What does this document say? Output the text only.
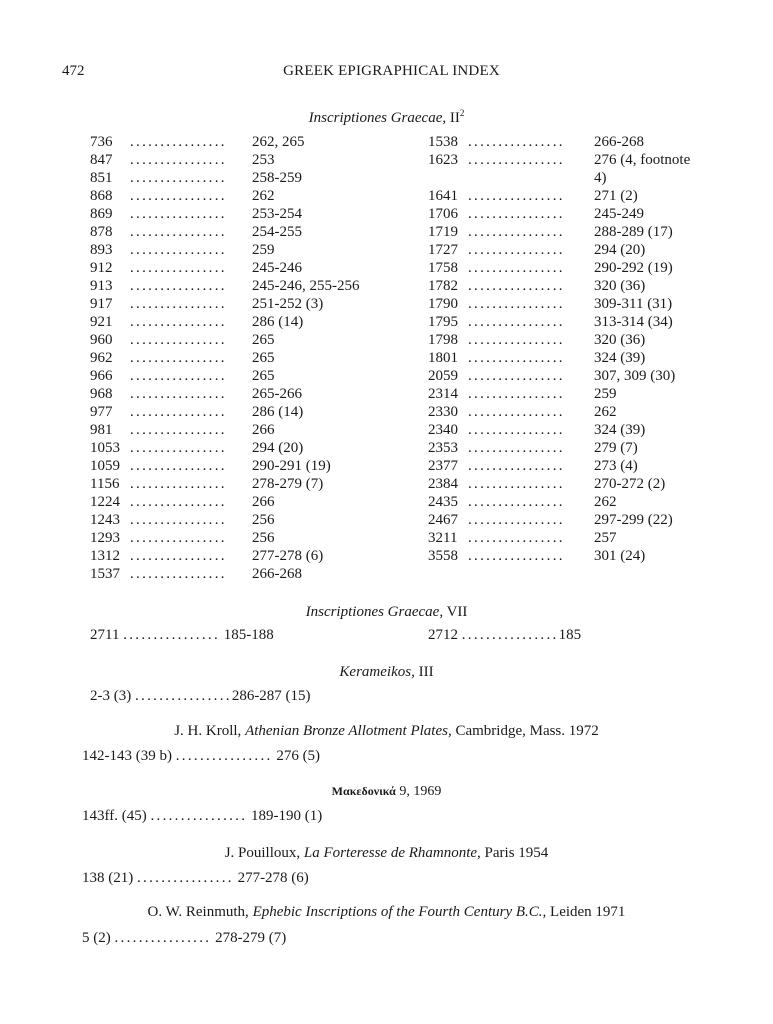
472	GREEK EPIGRAPHICAL INDEX
Inscriptiones Graecae, $II^2$
736 ................ 262, 265
847 ................ 253
851 ................ 258-259
868 ................ 262
869 ................ 253-254
878 ................ 254-255
893 ................ 259
912 ................ 245-246
913 ................ 245-246, 255-256
917 ................ 251-252 (3)
921 ................ 286 (14)
960 ................ 265
962 ................ 265
966 ................ 265
968 ................ 265-266
977 ................ 286 (14)
981 ................ 266
1053 ................ 294 (20)
1059 ................ 290-291 (19)
1156 ................ 278-279 (7)
1224 ................ 266
1243 ................ 256
1293 ................ 256
1312 ................ 277-278 (6)
1537 ................ 266-268
1538 ................ 266-268
1623 ................ 276 (4, footnote
4)
1641 ................ 271 (2)
1706 ................ 245-249
1719 ................ 288-289 (17)
1727 ................ 294 (20)
1758 ................ 290-292 (19)
1782 ................ 320 (36)
1790 ................ 309-311 (31)
1795 ................ 313-314 (34)
1798 ................ 320 (36)
1801 ................ 324 (39)
2059 ................ 307, 309 (30)
2314 ................ 259
2330 ................ 262
2340 ................ 324 (39)
2353 ................ 279 (7)
2377 ................ 273 (4)
2384 ................ 270-272 (2)
2435 ................ 262
2467 ................ 297-299 (22)
3211 ................ 257
3558 ................ 301 (24)
Inscriptiones Graecae, VII
2711 ................ 185-188	2712 ................185
Kerameikos, III
2-3 (3) ................286-287 (15)
J. H. Kroll, Athenian Bronze Allotment Plates, Cambridge, Mass. 1972
142-143 (39 b) ................ 276 (5)
Μακεδονικά 9, 1969
143ff. (45) ................ 189-190 (1)
J. Pouilloux, La Forteresse de Rhamnonte, Paris 1954
138 (21) ................ 277-278 (6)
O. W. Reinmuth, Ephebic Inscriptions of the Fourth Century B.C., Leiden 1971
5 (2) ................ 278-279 (7)
